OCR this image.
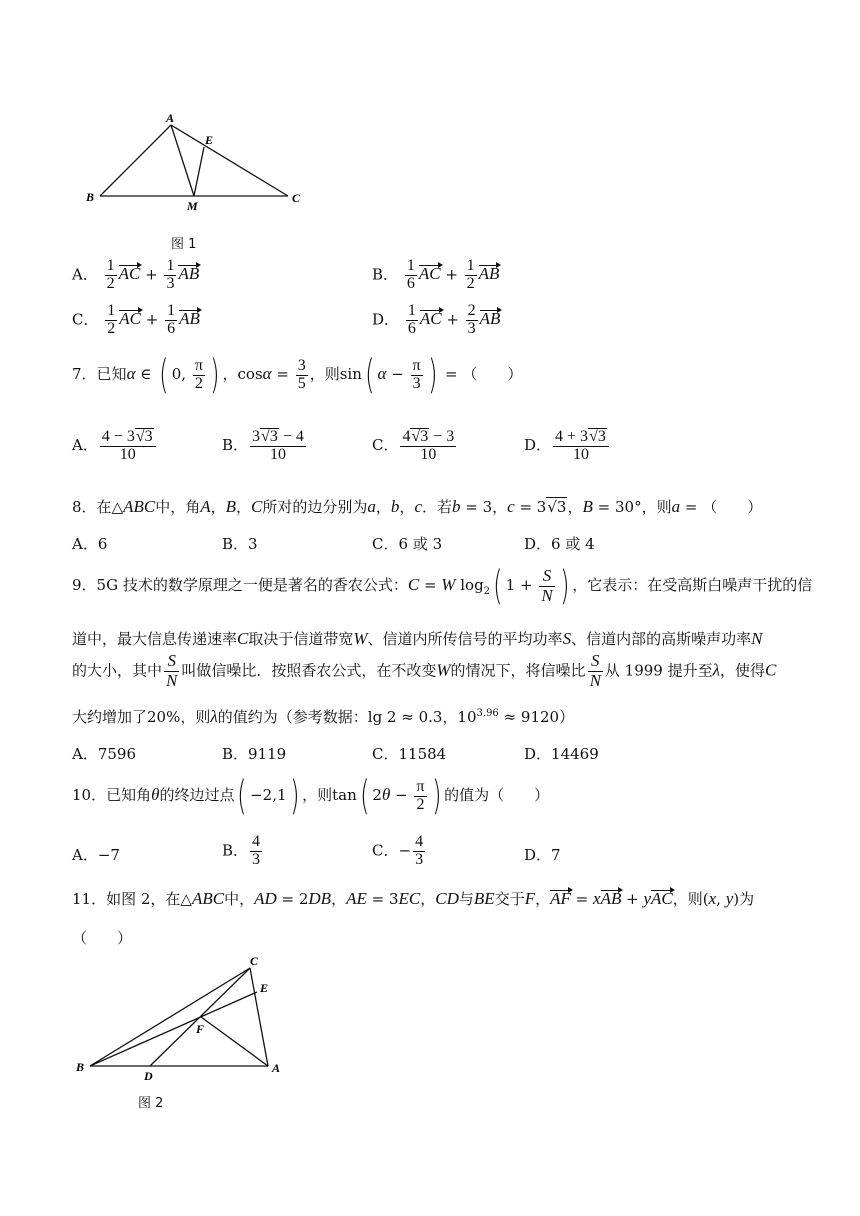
A
E
B
M
C
图 1
A． $\frac{1}{2}$ AC + $\frac{1}{3}$ AB	B． $\frac{1}{6}$ AC + $\frac{1}{2}$ AB
C． $\frac{1}{2}$ AC + $\frac{1}{6}$ AB	D． $\frac{1}{6}$ AC + $\frac{2}{3}$ AB
7．已知α ∈ ( 0, $\frac{\pi}{2}$ ) ，$\cos\alpha = \frac{3}{5}$ ，则sin( $\alpha - \frac{\pi}{3}$ ) = （　　）
A． $\frac{4 - 3√3}{10}$	B． $\frac{3√3 - 4}{10}$	C． $\frac{4√3 - 3}{10}$	D． $\frac{4 + 3√3}{10}$
8．在△ABC中，角A，B，C所对的边分别为a，b，c．若b = 3，c = 3√3，B = 30°，则a = （　　）
A．6	B．3	C．6 或 3	D．6 或 4
9．5G 技术的数学原理之一便是著名的香农公式：C = W $\log_2$( $1 + \frac{S}{N}$ ) ，它表示：在受高斯白噪声干扰的信
道中，最大信息传递速率C取决于信道带宽W、信道内所传信号的平均功率S、信道内部的高斯噪声功率N
的大小，其中 $\frac{S}{N}$ 叫做信噪比．按照香农公式，在不改变W的情况下，将信噪比 $\frac{S}{N}$ 从 1999 提升至λ，使得C
大约增加了20%，则λ的值约为（参考数据：lg 2 ≈ 0.3，$10^{3.96} \approx 9120$）
A．7596	B．9119	C．11584	D．14469
10．已知角θ的终边过点( −2,1) ，则tan( $2\theta - \frac{\pi}{2}$ ) 的值为（　　）
A．−7	B． $\frac{4}{3}$	C．− $\frac{4}{3}$	D．7
11．如图 2，在△ABC中，AD = 2DB，AE = 3EC，CD与BE交于F，AF = xAB + yAC，则(x, y)为
（　　）
C
E
F
B
D
A
图 2
